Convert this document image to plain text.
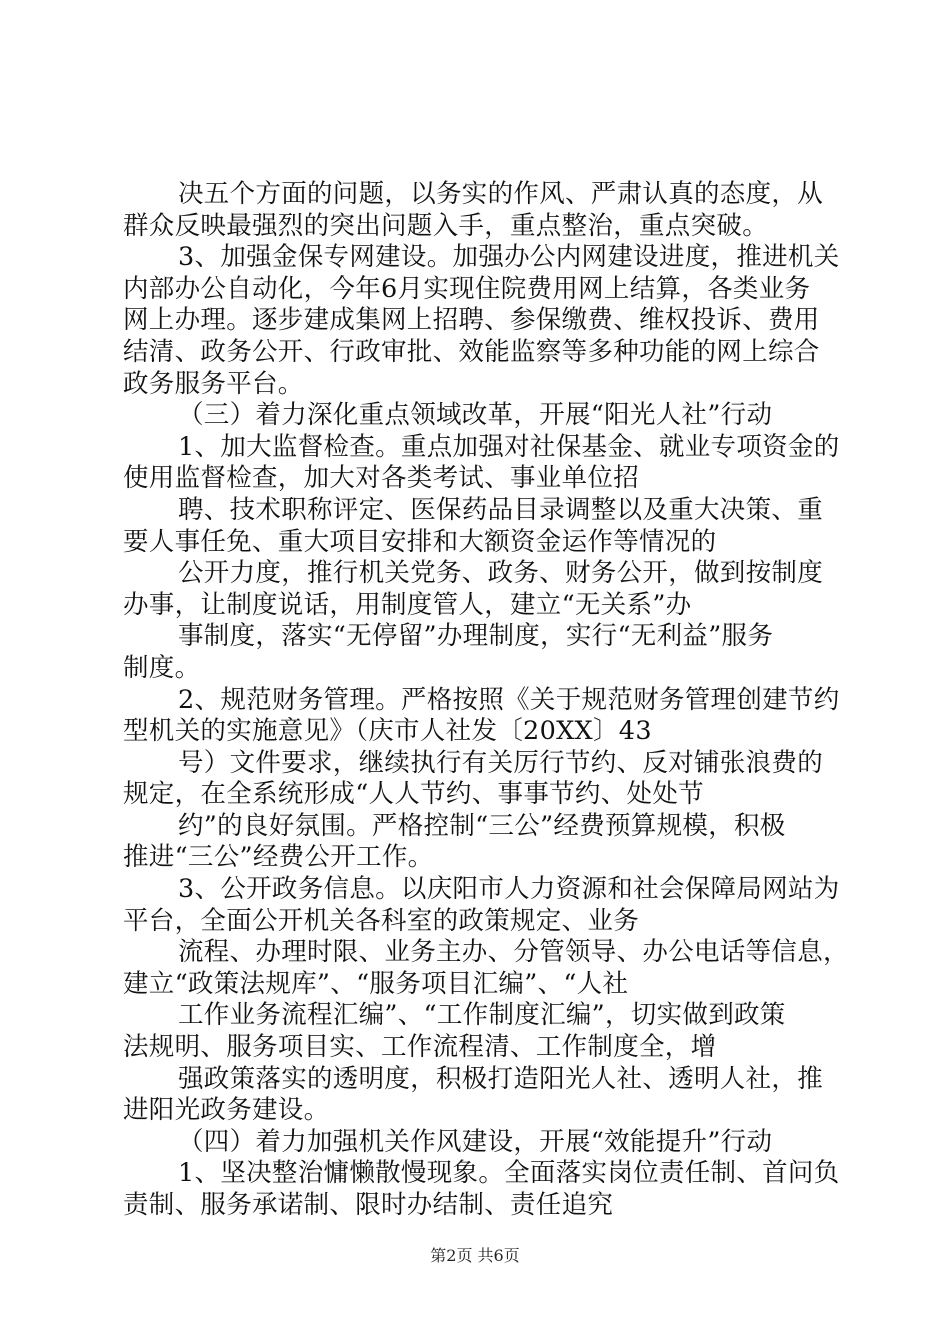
决五个方面的问题，以务实的作风、严肃认真的态度，从
群众反映最强烈的突出问题入手，重点整治，重点突破。
3、加强金保专网建设。加强办公内网建设进度，推进机关
内部办公自动化，今年6月实现住院费用网上结算，各类业务
网上办理。逐步建成集网上招聘、参保缴费、维权投诉、费用
结清、政务公开、行政审批、效能监察等多种功能的网上综合
政务服务平台。
（三）着力深化重点领域改革，开展“阳光人社”行动
1、加大监督检查。重点加强对社保基金、就业专项资金的
使用监督检查，加大对各类考试、事业单位招
聘、技术职称评定、医保药品目录调整以及重大决策、重
要人事任免、重大项目安排和大额资金运作等情况的
公开力度，推行机关党务、政务、财务公开，做到按制度
办事，让制度说话，用制度管人，建立“无关系”办
事制度，落实“无停留”办理制度，实行“无利益”服务
制度。
2、规范财务管理。严格按照《关于规范财务管理创建节约
型机关的实施意见》（庆市人社发〔20XX〕43
号）文件要求，继续执行有关厉行节约、反对铺张浪费的
规定，在全系统形成“人人节约、事事节约、处处节
约”的良好氛围。严格控制“三公”经费预算规模，积极
推进“三公”经费公开工作。
3、公开政务信息。以庆阳市人力资源和社会保障局网站为
平台，全面公开机关各科室的政策规定、业务
流程、办理时限、业务主办、分管领导、办公电话等信息，
建立“政策法规库”、“服务项目汇编”、“人社
工作业务流程汇编”、“工作制度汇编”，切实做到政策
法规明、服务项目实、工作流程清、工作制度全，增
强政策落实的透明度，积极打造阳光人社、透明人社，推
进阳光政务建设。
（四）着力加强机关作风建设，开展“效能提升”行动
1、坚决整治慵懒散慢现象。全面落实岗位责任制、首问负
责制、服务承诺制、限时办结制、责任追究
第2页 共6页
